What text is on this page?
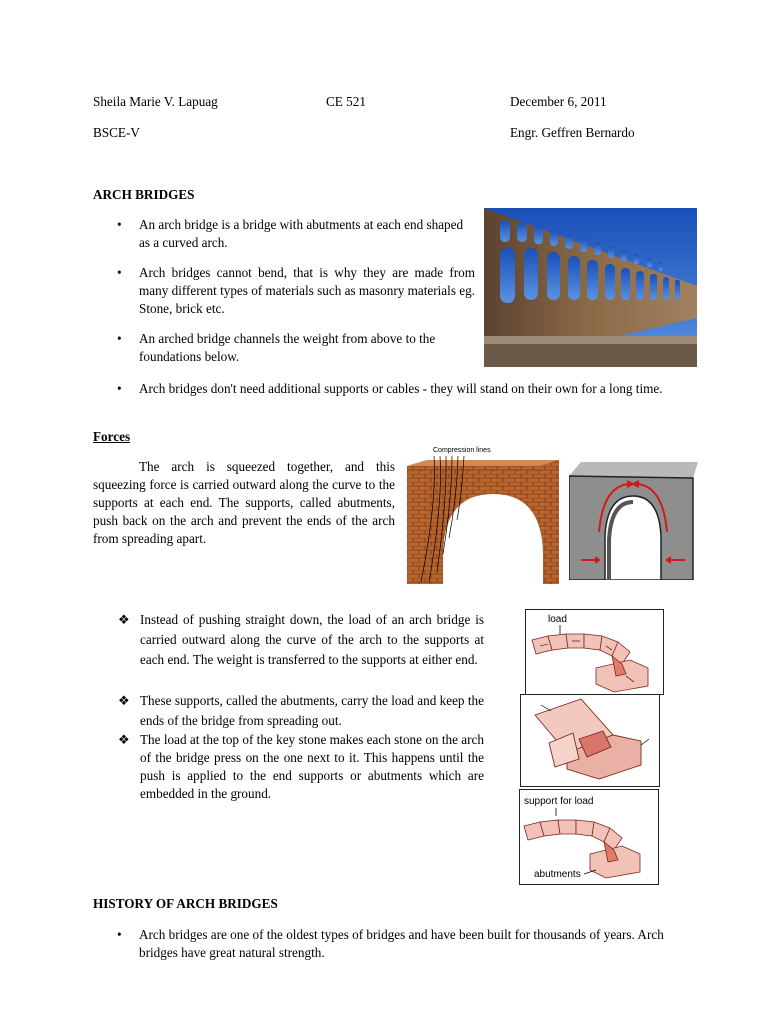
Sheila Marie V. Lapuag	CE 521	December 6, 2011
BSCE-V	Engr. Geffren Bernardo
ARCH BRIDGES
• An arch bridge is a bridge with abutments at each end shaped as a curved arch.
• Arch bridges cannot bend, that is why they are made from many different types of materials such as masonry materials eg. Stone, brick etc.
• An arched bridge channels the weight from above to the foundations below.
• Arch bridges don't need additional supports or cables - they will stand on their own for a long time.
Forces
The arch is squeezed together, and this squeezing force is carried outward along the curve to the supports at each end. The supports, called abutments, push back on the arch and prevent the ends of the arch from spreading apart.
Compression lines
❖ Instead of pushing straight down, the load of an arch bridge is carried outward along the curve of the arch to the supports at each end. The weight is transferred to the supports at either end.
❖ These supports, called the abutments, carry the load and keep the ends of the bridge from spreading out.
❖ The load at the top of the key stone makes each stone on the arch of the bridge press on the one next to it. This happens until the push is applied to the end supports or abutments which are embedded in the ground.
load
support for load
abutments
HISTORY OF ARCH BRIDGES
• Arch bridges are one of the oldest types of bridges and have been built for thousands of years. Arch bridges have great natural strength.
